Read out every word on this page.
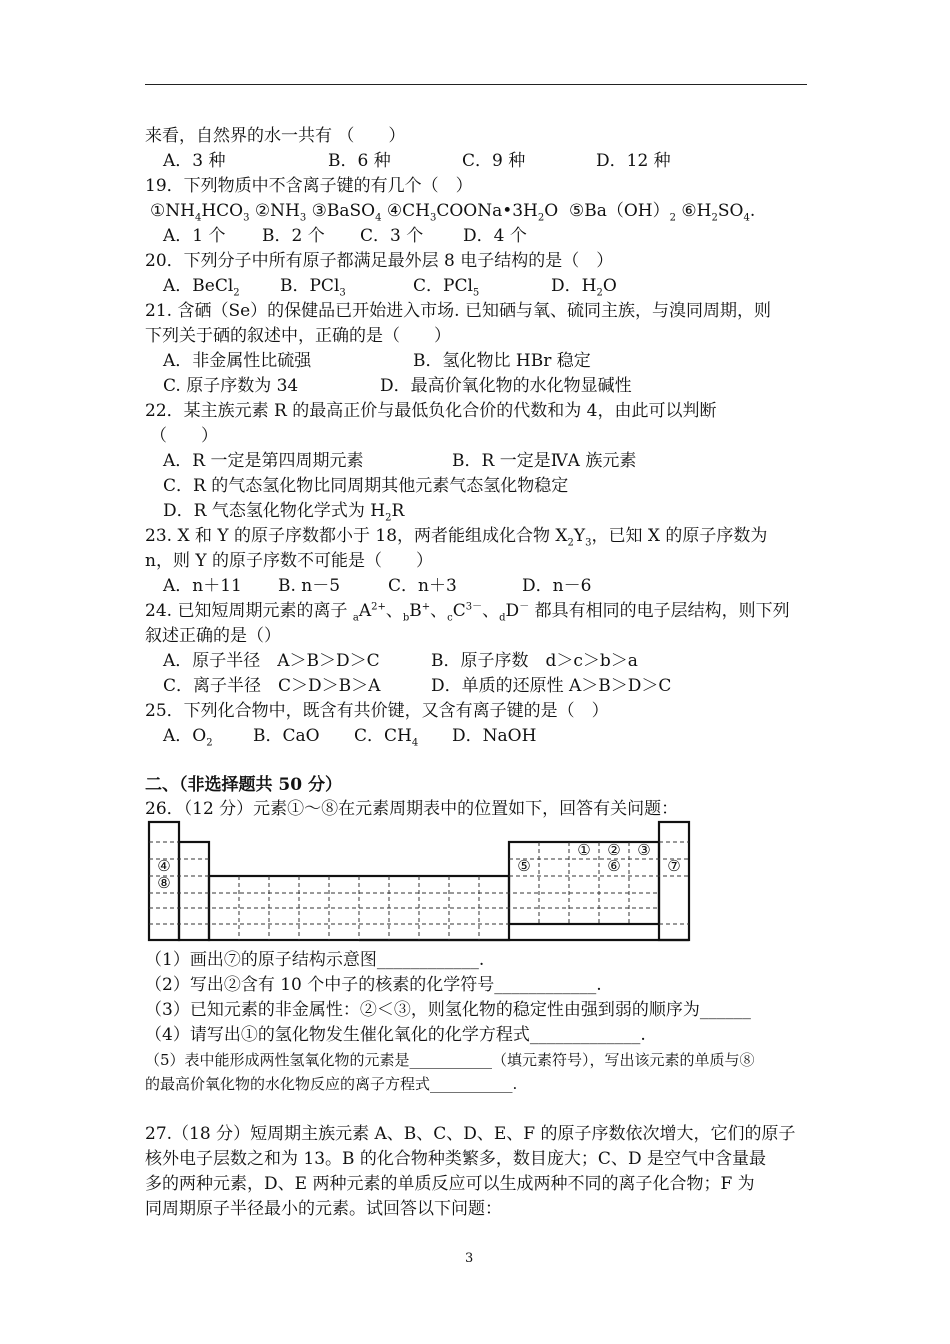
来看，自然界的水一共有 （　　）
A．3 种	B．6 种	C．9 种	D．12 种
19．下列物质中不含离子键的有几个（　）
$①NH_4HCO_3$ $②NH_3$ ③BaSO$_4$ $④CH_3COONa•3H_2O$ $⑤Ba(OH)_2$ $⑥H_2SO_4$.
A．1 个 B．2 个 C．3 个 D．4 个
20．下列分子中所有原子都满足最外层 8 电子结构的是（　）
A．BeCl$_2$ B．PCl$_3$	C．PCl$_5$	D．$H_2O$
21. 含硒（Se）的保健品已开始进入市场. 已知硒与氧、硫同主族，与溴同周期，则
下列关于硒的叙述中，正确的是（　　）
A．非金属性比硫强	B．氢化物比 HBr 稳定
C. 原子序数为 34	D．最高价氧化物的水化物显碱性
22．某主族元素 R 的最高正价与最低负化合价的代数和为 4，由此可以判断
（　　）
A．R 一定是第四周期元素	B．R 一定是ⅣA 族元素
C．R 的气态氢化物比同周期其他元素气态氢化物稳定
D．R 气态氢化物化学式为 $H_2R$
23. X 和 Y 的原子序数都小于 18，两者能组成化合物 $X_2Y_3$，已知 X 的原子序数为
n，则 Y 的原子序数不可能是（　　）
A．n＋11 B. n－5	C．n＋3	D．n－6
24. 已知短周期元素的离子 $_aA^{2+}$、$_b$B+、$_cC^{3-}$、$_d$D－ 都具有相同的电子层结构，则下列
叙述正确的是（）
A．原子半径　A＞B＞D＞C	B．原子序数　d＞c＞b＞a
C．离子半径　C＞D＞B＞A	D．单质的还原性 A＞B＞D＞C
25．下列化合物中，既含有共价键，又含有离子键的是（　）
A．$O_2$ B．CaO C．$CH_4$ D．NaOH
二、（非选择题共 50 分）
26．（12 分）元素①～⑧在元素周期表中的位置如下，回答有关问题：
④
⑧
⑤
① ② ③
⑥	⑦
（1）画出⑦的原子结构示意图____________.
（2）写出②含有 10 个中子的核素的化学符号____________.
（3）已知元素的非金属性：②＜③，则氢化物的稳定性由强到弱的顺序为______
（4）请写出①的氢化物发生催化氧化的化学方程式_____________.
（5）表中能形成两性氢氧化物的元素是___________（填元素符号），写出该元素的单质与⑧
的最高价氧化物的水化物反应的离子方程式___________.
27.（18 分）短周期主族元素 A、B、C、D、E、F 的原子序数依次增大，它们的原子
核外电子层数之和为 13。B 的化合物种类繁多，数目庞大；C、D 是空气中含量最
多的两种元素，D、E 两种元素的单质反应可以生成两种不同的离子化合物；F 为
同周期原子半径最小的元素。试回答以下问题：
3
